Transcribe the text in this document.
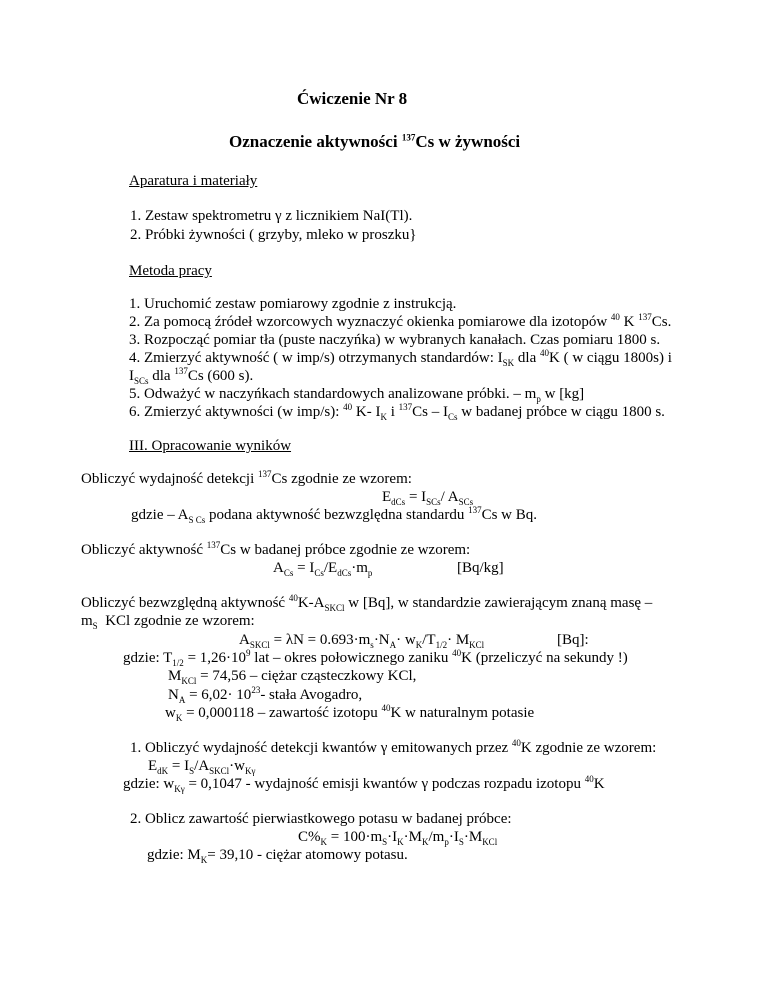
Ćwiczenie Nr 8
Oznaczenie aktywności $^{137}$Cs w żywności
Aparatura i materiały
1. Zestaw spektrometru γ z licznikiem NaI(Tl).
2. Próbki żywności ( grzyby, mleko w proszku}
Metoda pracy
1. Uruchomić zestaw pomiarowy zgodnie z instrukcją.
2. Za pomocą źródeł wzorcowych wyznaczyć okienka pomiarowe dla izotopów $^{40}$ K $^{137}$Cs.
3. Rozpocząć pomiar tła (puste naczyńka) w wybranych kanałach. Czas pomiaru 1800 s.
4. Zmierzyć aktywność ( w imp/s) otrzymanych standardów: $I_{SK}$ dla $^{40}$K ( w ciągu 1800s) i
$I_{SCs}$ dla $^{137}$Cs (600 s).
5. Odważyć w naczyńkach standardowych analizowane próbki. – $m_p$ w [kg]
6. Zmierzyć aktywności (w imp/s): $^{40}$ K- $I_K$ i $^{137}Cs - I_{Cs}$ w badanej próbce w ciągu 1800 s.
III. Opracowanie wyników
Obliczyć wydajność detekcji $^{137}$Cs zgodnie ze wzorem:
$E_{dCs} = I_{SCs}/$ $A_{SCs}$
gdzie – $A_{S Cs}$ podana aktywność bezwzględna standardu $^{137}$Cs w Bq.
Obliczyć aktywność $^{137}$Cs w badanej próbce zgodnie ze wzorem:
$A_{Cs} = I_{Cs}/E_{dCs}\cdot m_p$	[Bq/kg]
Obliczyć bezwzględną aktywność $^{40}K-A_{SKCl}$ w [Bq], w standardzie zawierającym znaną masę –
$m_S$  KCl zgodnie ze wzorem:
$A_{SKCl} = \lambda N = 0.693\cdot m_s\cdot N_A\cdot w_K/T_{1/2}\cdot M_{KCl}$	[Bq]:
gdzie: $T_{1/2} = 1,26\cdot 10^9$ lat – okres połowicznego zaniku $^{40}$K (przeliczyć na sekundy !)
$M_{KCl} = 74,56$ – ciężar cząsteczkowy KCl,
$N_A = 6,02\cdot 10^{23}-$ stała Avogadro,
$w_K = 0,000118$ – zawartość izotopu $^{40}$K w naturalnym potasie
1. Obliczyć wydajność detekcji kwantów γ emitowanych przez $^{40}$K zgodnie ze wzorem:
$E_{dK} = I_S/A_{SKCl}\cdot w_{K\gamma}$
gdzie: $w_{K\gamma} = 0,1047$ - wydajność emisji kwantów γ podczas rozpadu izotopu $^{40}$K
2. Oblicz zawartość pierwiastkowego potasu w badanej próbce:
$C\%_K = 100\cdot m_S\cdot I_K\cdot M_K/m_p\cdot I_S\cdot M_{KCl}$
gdzie: $M_K= 39,10$ - ciężar atomowy potasu.
